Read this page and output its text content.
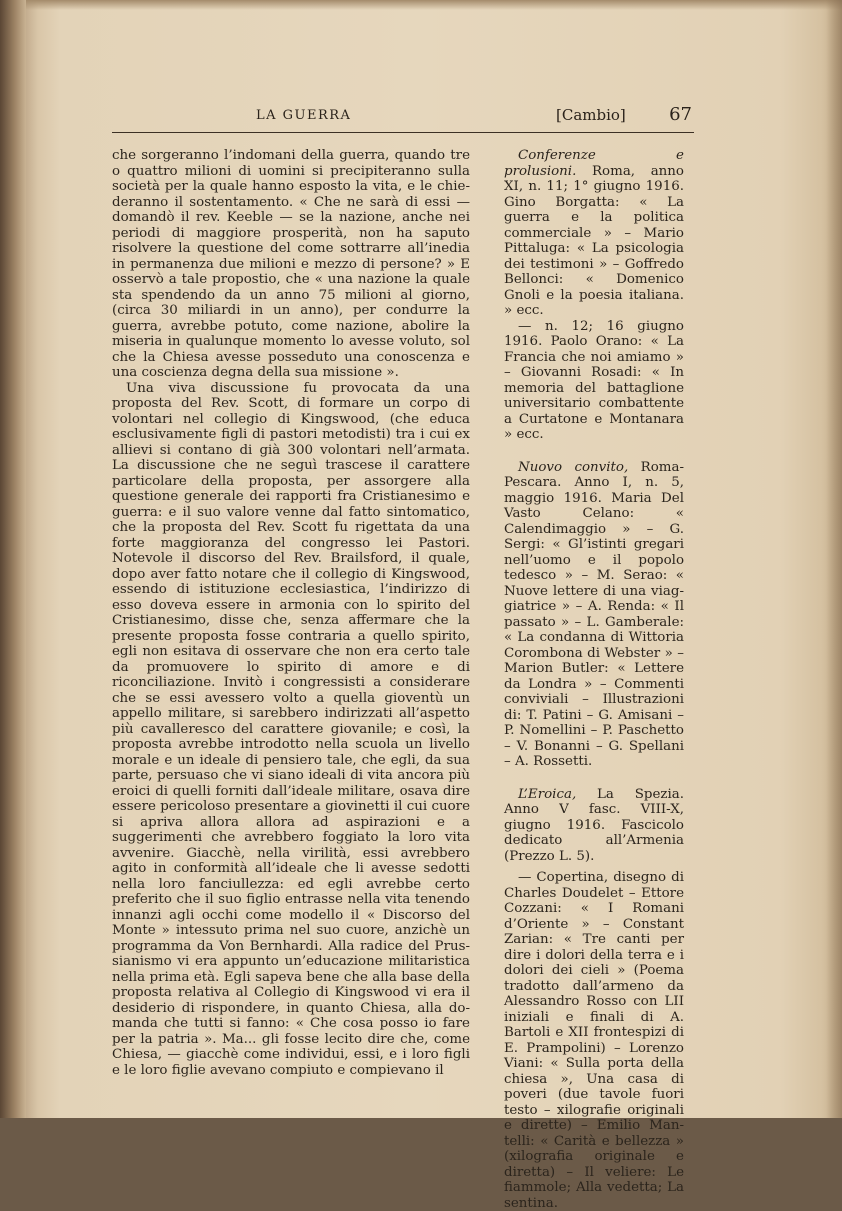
LA GUERRA	[Cambio] 67

che sorgeranno l’indomani della guerra, quando tre o quattro milioni di uomini si precipiteranno sulla società per la quale hanno esposto la vita, e le chiederanno il sostentamento. « Che ne sarà di essi — domandò il rev. Keeble — se la nazione, anche nei periodi di maggiore prosperità, non ha saputo risolvere la questione del come sottrarre all’inedia in permanenza due milioni e mezzo di persone? » E osservò a tale propostio, che « una nazione la quale sta spendendo da un anno 75 milioni al giorno, (circa 30 miliardi in un anno), per condurre la guerra, avrebbe potuto, come nazione, abolire la miseria in qualunque momento lo avesse voluto, sol che la Chiesa avesse posseduto una conoscenza e una coscienza degna della sua missione ».

Una viva discussione fu provocata da una proposta del Rev. Scott, di formare un corpo di volontari nel collegio di Kingswood, (che educa esclusivamente figli di pastori metodisti) tra i cui ex allievi si contano di già 300 volontari nell’armata. La discussione che ne seguì trascese il carattere particolare della proposta, per assorgere alla questione generale dei rapporti fra Cristianesimo e guerra: e il suo valore venne dal fatto sintomatico, che la proposta del Rev. Scott fu rigettata da una forte maggioranza del congresso lei Pastori. Notevole il discorso del Rev. Brailsford, il quale, dopo aver fatto notare che il collegio di Kingswood, essendo di istituzione ecclesiastica, l’indirizzo di esso doveva essere in armonia con lo spirito del Cristianesimo, disse che, senza affermare che la presente proposta fosse contraria a quello spirito, egli non esitava di osservare che non era certo tale da promuovere lo spirito di amore e di riconciliazione. Invitò i congressisti a considerare che se essi avessero volto a quella gioventù un appello militare, si sarebbero indirizzati all’aspetto più cavalleresco del carattere giovanile; e così, la proposta avrebbe introdotto nella scuola un livello morale e un ideale di pensiero tale, che egli, da sua parte, persuaso che vi siano ideali di vita ancora più eroici di quelli forniti dall’ideale militare, osava dire essere pericoloso presentare a giovinetti il cui cuore si apriva allora allora ad aspirazioni e a suggerimenti che avrebbero foggiato la loro vita avvenire. Giacchè, nella virilità, essi avrebbero agito in conformità all’ideale che li avesse sedotti nella loro fanciullezza: ed egli avrebbe certo preferito che il suo figlio entrasse nella vita tenendo innanzi agli occhi come modello il « Discorso del Monte » intessuto prima nel suo cuore, anzichè un programma da Von Bernhardi. Alla radice del Prussianismo vi era appunto un’educazione militaristica nella prima età. Egli sapeva bene che alla base della proposta relativa al Collegio di Kingswood vi era il desiderio di rispondere, in quanto Chiesa, alla domanda che tutti si fanno: « Che cosa posso io fare per la patria ». Ma... gli fosse lecito dire che, come Chiesa, — giacchè come individui, essi, e i loro figli e le loro figlie avevano compiuto e compievano il

Conferenze e prolusioni. Roma, anno XI, n. 11; 1° giugno 1916. Gino Borgatta: « La guerra e la politica commerciale » – Mario Pittaluga: « La psicologia dei testimoni » – Goffredo Bellonci: « Domenico Gnoli e la poesia italiana. » ecc.

— n. 12; 16 giugno 1916. Paolo Orano: « La Francia che noi amiamo » – Giovanni Rosadi: « In memoria del battaglione universitario combattente a Curtatone e Montanara » ecc.

Nuovo convito, Roma-Pescara. Anno I, n. 5, maggio 1916. Maria Del Vasto Celano: « Calendimaggio » – G. Sergi: « Gl’istinti gregari nell’uomo e il popolo tedesco » – M. Serao: « Nuove lettere di una viaggiatrice » – A. Renda: « Il passato » – L. Gamberale: « La condanna di Wittoria Corombona di Webster » – Marion Butler: « Lettere da Londra » – Commenti conviviali – Illustrazioni di: T. Patini – G. Amisani – P. Nomellini – P. Paschetto – V. Bonanni – G. Spellani – A. Rossetti.

L’Eroica, La Spezia. Anno V fasc. VIII-X, giugno 1916. Fascicolo dedicato all’Armenia (Prezzo L. 5).

— Copertina, disegno di Charles Doudelet – Ettore Cozzani: « I Romani d’Oriente » – Constant Zarian: « Tre canti per dire i dolori della terra e i dolori dei cieli » (Poema tradotto dall’armeno da Alessandro Rosso con LII iniziali e finali di A. Bartoli e XII frontespizi di E. Prampolini) – Lorenzo Viani: « Sulla porta della chiesa », Una casa di poveri (due tavole fuori testo – xilografie originali e dirette) – Emilio Mantelli: « Carità e bellezza » (xilografia originale e diretta) – Il veliere: Le fiammole; Alla vedetta; La sentina.
